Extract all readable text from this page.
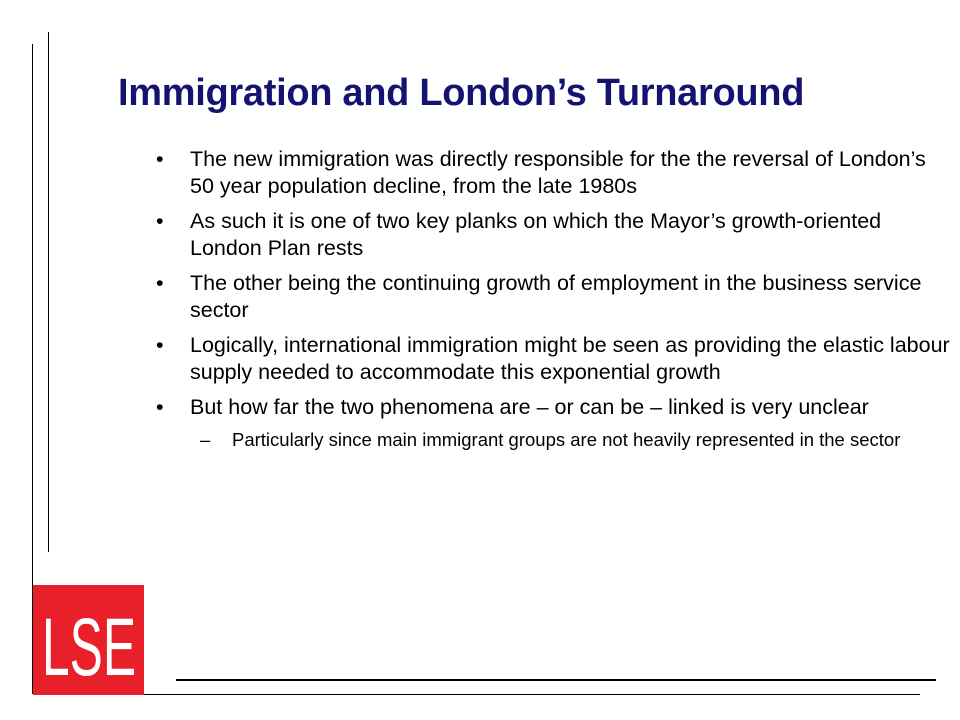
Immigration and London’s Turnaround
• The new immigration was directly responsible for the the reversal of London’s 50 year population decline, from the late 1980s
• As such it is one of two key planks on which the Mayor’s growth-oriented London Plan rests
• The other being the continuing growth of employment in the business service sector
• Logically, international immigration might be seen as providing the elastic labour supply needed to accommodate this exponential growth
• But how far the two phenomena are – or can be – linked is very unclear
– Particularly since main immigrant groups are not heavily represented in the sector
LSE
